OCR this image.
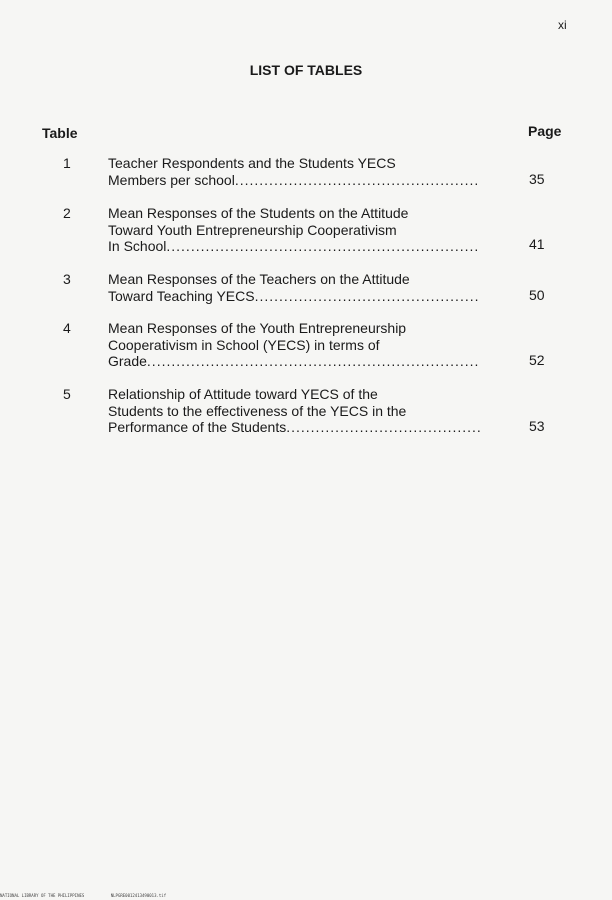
xi
LIST OF TABLES
Table	Page
1	Teacher Respondents and the Students YECS
Members per school .....	35
2	Mean Responses of the Students on the Attitude
Toward Youth Entrepreneurship Cooperativism
In School .....	41
3	Mean Responses of the Teachers on the Attitude
Toward Teaching YECS .....	50
4	Mean Responses of the Youth Entrepreneurship
Cooperativism in School (YECS) in terms of
Grade .....	52
5	Relationship of Attitude toward YECS of the
Students to the effectiveness of the YECS in the
Performance of the Students .....	53
NATIONAL LIBRARY OF THE PHILIPPINES	NLPGRE0012413490013.tif
